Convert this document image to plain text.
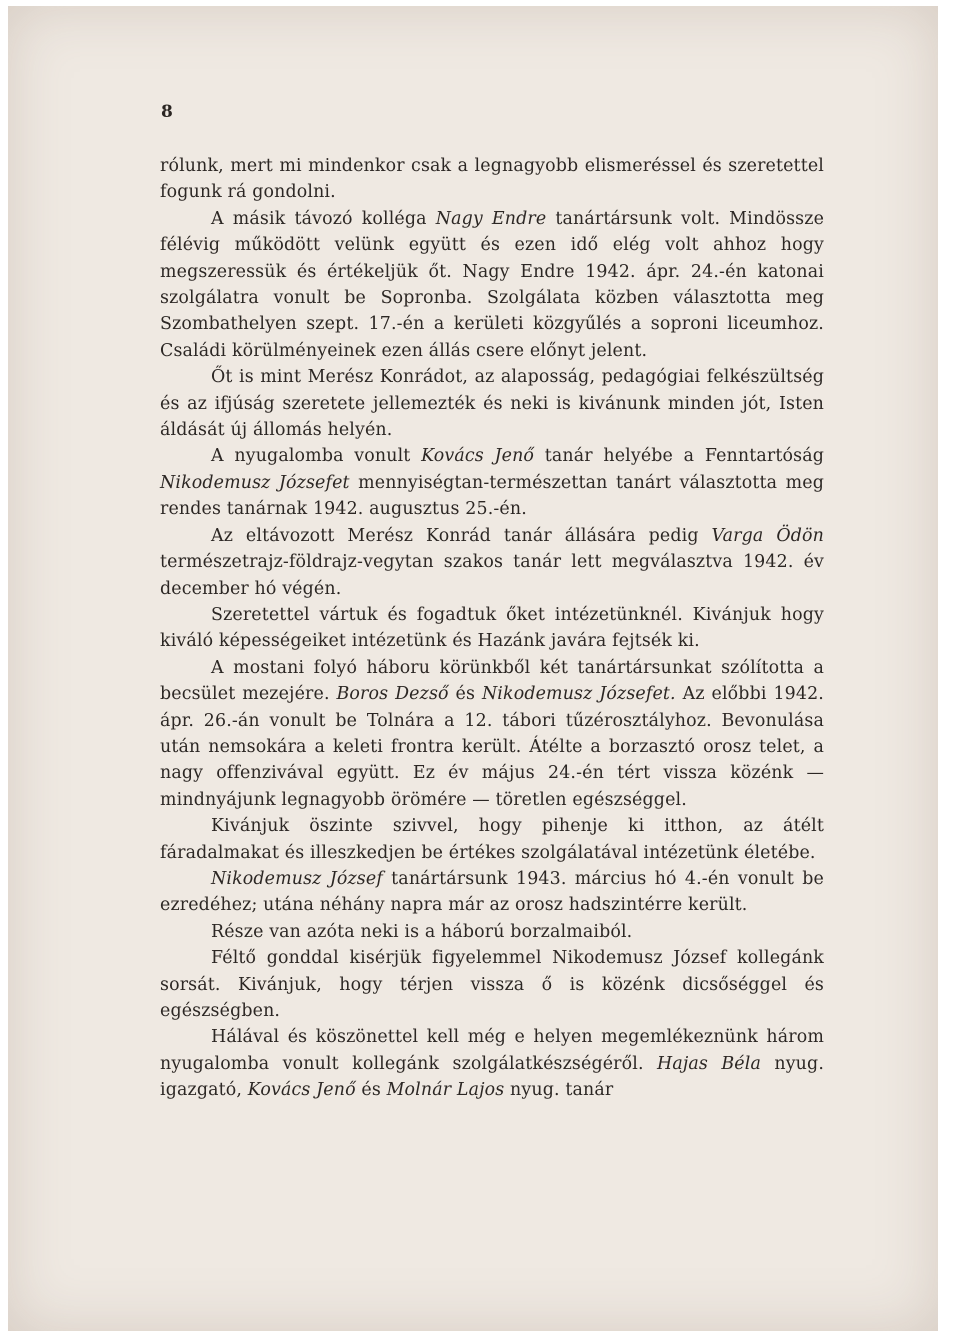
8

rólunk, mert mi mindenkor csak a legnagyobb elismeréssel és szeretettel fogunk rá gondolni.

A másik távozó kolléga Nagy Endre tanártársunk volt. Mindössze félévig működött velünk együtt és ezen idő elég volt ahhoz hogy megszeressük és értékeljük őt. Nagy Endre 1942. ápr. 24.-én katonai szolgálatra vonult be Sopronba. Szolgálata közben választotta meg Szombathelyen szept. 17.-én a kerületi közgyűlés a soproni liceumhoz. Családi körülményeinek ezen állás csere előnyt jelent.

Őt is mint Merész Konrádot, az alaposság, pedagógiai felkészültség és az ifjúság szeretete jellemezték és neki is kivánunk minden jót, Isten áldását új állomás helyén.

A nyugalomba vonult Kovács Jenő tanár helyébe a Fenntartóság Nikodemusz Józsefet mennyiségtan-természettan tanárt választotta meg rendes tanárnak 1942. augusztus 25.-én.

Az eltávozott Merész Konrád tanár állására pedig Varga Ödön természetrajz-földrajz-vegytan szakos tanár lett megválasztva 1942. év december hó végén.

Szeretettel vártuk és fogadtuk őket intézetünknél. Kivánjuk hogy kiváló képességeiket intézetünk és Hazánk javára fejtsék ki.

A mostani folyó háboru körünkből két tanártársunkat szólította a becsület mezejére. Boros Dezső és Nikodemusz Józsefet. Az előbbi 1942. ápr. 26.-án vonult be Tolnára a 12. tábori tűzérosztályhoz. Bevonulása után nemsokára a keleti frontra került. Átélte a borzasztó orosz telet, a nagy offenzivával együtt. Ez év május 24.-én tért vissza közénk — mindnyájunk legnagyobb örömére — töretlen egészséggel.

Kivánjuk öszinte szivvel, hogy pihenje ki itthon, az átélt fáradalmakat és illeszkedjen be értékes szolgálatával intézetünk életébe.

Nikodemusz József tanártársunk 1943. március hó 4.-én vonult be ezredéhez; utána néhány napra már az orosz hadszintérre került.

Része van azóta neki is a háború borzalmaiból.

Féltő gonddal kisérjük figyelemmel Nikodemusz József kollegánk sorsát. Kivánjuk, hogy térjen vissza ő is közénk dicsőséggel és egészségben.

Hálával és köszönettel kell még e helyen megemlékeznünk három nyugalomba vonult kollegánk szolgálatkészségéről. Hajas Béla nyug. igazgató, Kovács Jenő és Molnár Lajos nyug. tanár
